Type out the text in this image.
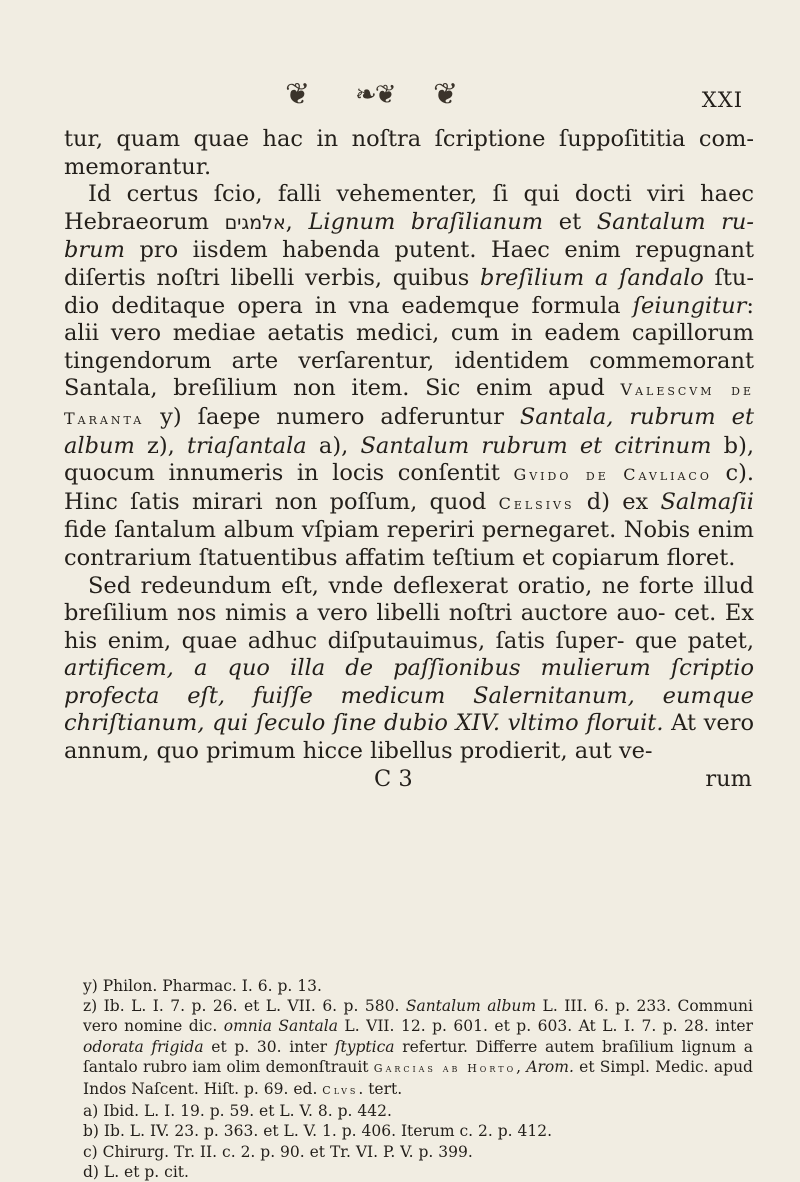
❦ ❧❦ ❦	XXI

tur, quam quae hac in noſtra ſcriptione ſuppoſititia com- memorantur.

Id certus ſcio, falli vehementer, ſi qui docti viri haec Hebraeorum אלמגים, Lignum braſilianum et Santalum ru- brum pro iisdem habenda putent. Haec enim repugnant diſertis noſtri libelli verbis, quibus breſilium a ſandalo ſtu- dio deditaque opera in vna eademque formula ſeiungitur: alii vero mediae aetatis medici, cum in eadem capillorum tingendorum arte verſarentur, identidem commemorant Santala, breſilium non item. Sic enim apud Valescvm de Taranta y) ſaepe numero adferuntur Santala, rubrum et album z), triaſantala a), Santalum rubrum et citrinum b), quocum innumeris in locis conſentit Gvido de Cavliaco c). Hinc ſatis mirari non poſſum, quod Celsivs d) ex Salmaſii fide ſantalum album vſpiam reperiri pernegaret. Nobis enim contrarium ſtatuentibus affatim teſtium et copiarum floret.

Sed redeundum eſt, vnde deflexerat oratio, ne forte illud breſilium nos nimis a vero libelli noſtri auctore auo- cet. Ex his enim, quae adhuc diſputauimus, ſatis ſuper- que patet, artificem, a quo illa de paſſionibus mulierum ſcriptio profecta eſt, fuiſſe medicum Salernitanum, eumque chriſtianum, qui ſeculo ſine dubio XIV. vltimo floruit. At vero annum, quo primum hicce libellus prodierit, aut ve-

C 3	rum

y) Philon. Pharmac. I. 6. p. 13.

z) Ib. L. I. 7. p. 26. et L. VII. 6. p. 580. Santalum album L. III. 6. p. 233. Communi vero nomine dic. omnia Santala L. VII. 12. p. 601. et p. 603. At L. I. 7. p. 28. inter odorata frigida et p. 30. inter ſtyptica refertur. Differre autem braſilium lignum a ſantalo rubro iam olim demonſtrauit Garcias ab Horto, Arom. et Simpl. Medic. apud Indos Naſcent. Hiſt. p. 69. ed. Clvs. tert.

a) Ibid. L. I. 19. p. 59. et L. V. 8. p. 442.

b) Ib. L. IV. 23. p. 363. et L. V. 1. p. 406. Iterum c. 2. p. 412.

c) Chirurg. Tr. II. c. 2. p. 90. et Tr. VI. P. V. p. 399.

d) L. et p. cit.
